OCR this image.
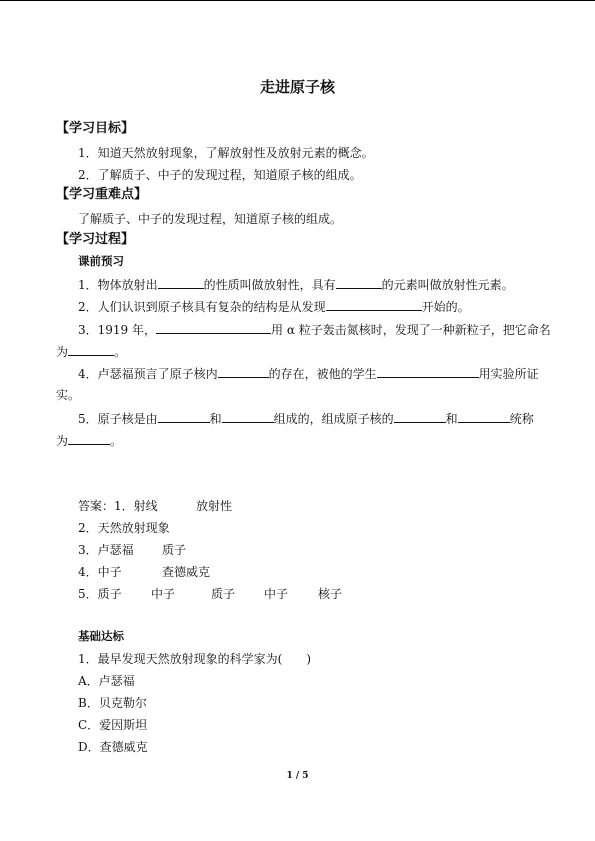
走进原子核
【学习目标】
1．知道天然放射现象，了解放射性及放射元素的概念。
2．了解质子、中子的发现过程，知道原子核的组成。
【学习重难点】
了解质子、中子的发现过程，知道原子核的组成。
【学习过程】
课前预习
1．物体放射出	的性质叫做放射性，具有	的元素叫做放射性元素。
2．人们认识到原子核具有复杂的结构是从发现	开始的。
3．1919 年，	用 α 粒子轰击氮核时，发现了一种新粒子，把它命名
为	。
4．卢瑟福预言了原子核内	的存在，被他的学生	用实验所证
实。
5．原子核是由	和	组成的，组成原子核的	和	统称
为	。
答案：1．射线	放射性
2．天然放射现象
3．卢瑟福 质子
4．中子	查德威克
5．质子 中子	质子 中子 核子
基础达标
1．最早发现天然放射现象的科学家为(　　)
A．卢瑟福
B．贝克勒尔
C．爱因斯坦
D．查德威克
1 / 5
